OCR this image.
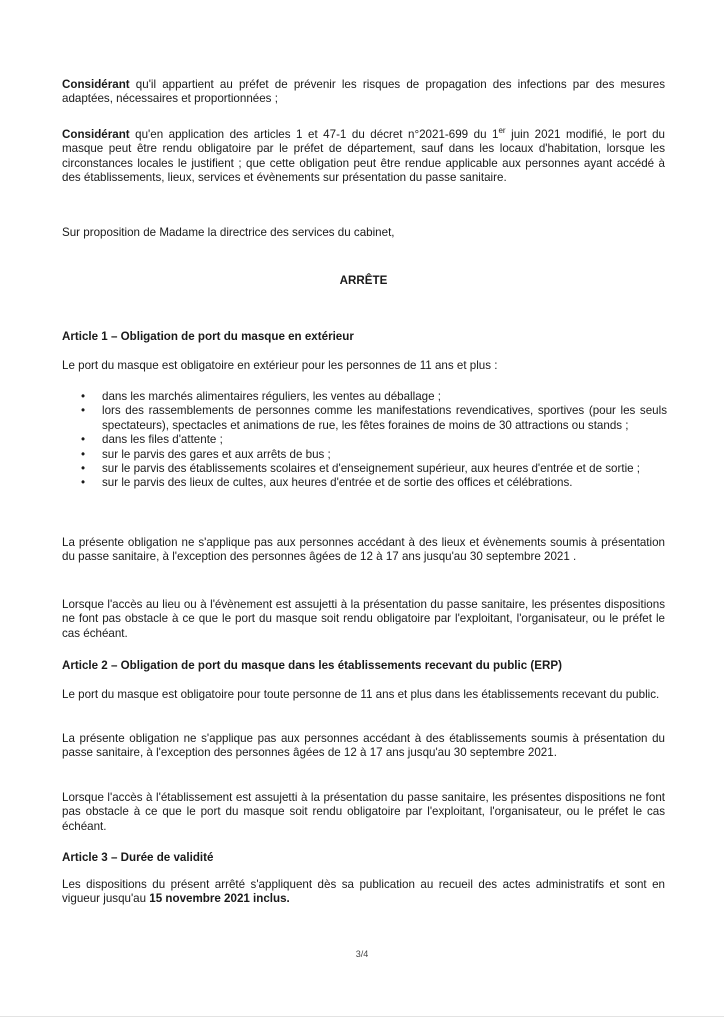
Considérant qu'il appartient au préfet de prévenir les risques de propagation des infections par des mesures adaptées, nécessaires et proportionnées ;

Considérant qu'en application des articles 1 et 47-1 du décret n°2021-699 du 1er juin 2021 modifié, le port du masque peut être rendu obligatoire par le préfet de département, sauf dans les locaux d'habitation, lorsque les circonstances locales le justifient ; que cette obligation peut être rendue applicable aux personnes ayant accédé à des établissements, lieux, services et évènements sur présentation du passe sanitaire.

Sur proposition de Madame la directrice des services du cabinet,

ARRÊTE

Article 1 – Obligation de port du masque en extérieur

Le port du masque est obligatoire en extérieur pour les personnes de 11 ans et plus :

• dans les marchés alimentaires réguliers, les ventes au déballage ;
• lors des rassemblements de personnes comme les manifestations revendicatives, sportives (pour les seuls spectateurs), spectacles et animations de rue, les fêtes foraines de moins de 30 attractions ou stands ;
• dans les files d'attente ;
• sur le parvis des gares et aux arrêts de bus ;
• sur le parvis des établissements scolaires et d'enseignement supérieur, aux heures d'entrée et de sortie ;
• sur le parvis des lieux de cultes, aux heures d'entrée et de sortie des offices et célébrations.

La présente obligation ne s'applique pas aux personnes accédant à des lieux et évènements soumis à présentation du passe sanitaire, à l'exception des personnes âgées de 12 à 17 ans jusqu'au 30 septembre 2021 .

Lorsque l'accès au lieu ou à l'évènement est assujetti à la présentation du passe sanitaire, les présentes dispositions ne font pas obstacle à ce que le port du masque soit rendu obligatoire par l'exploitant, l'organisateur, ou le préfet le cas échéant.

Article 2 – Obligation de port du masque dans les établissements recevant du public (ERP)

Le port du masque est obligatoire pour toute personne de 11 ans et plus dans les établissements recevant du public.

La présente obligation ne s'applique pas aux personnes accédant à des établissements soumis à présentation du passe sanitaire, à l'exception des personnes âgées de 12 à 17 ans jusqu'au 30 septembre 2021.

Lorsque l'accès à l'établissement est assujetti à la présentation du passe sanitaire, les présentes dispositions ne font pas obstacle à ce que le port du masque soit rendu obligatoire par l'exploitant, l'organisateur, ou le préfet le cas échéant.

Article 3 – Durée de validité

Les dispositions du présent arrêté s'appliquent dès sa publication au recueil des actes administratifs et sont en vigueur jusqu'au 15 novembre 2021 inclus.

3/4
